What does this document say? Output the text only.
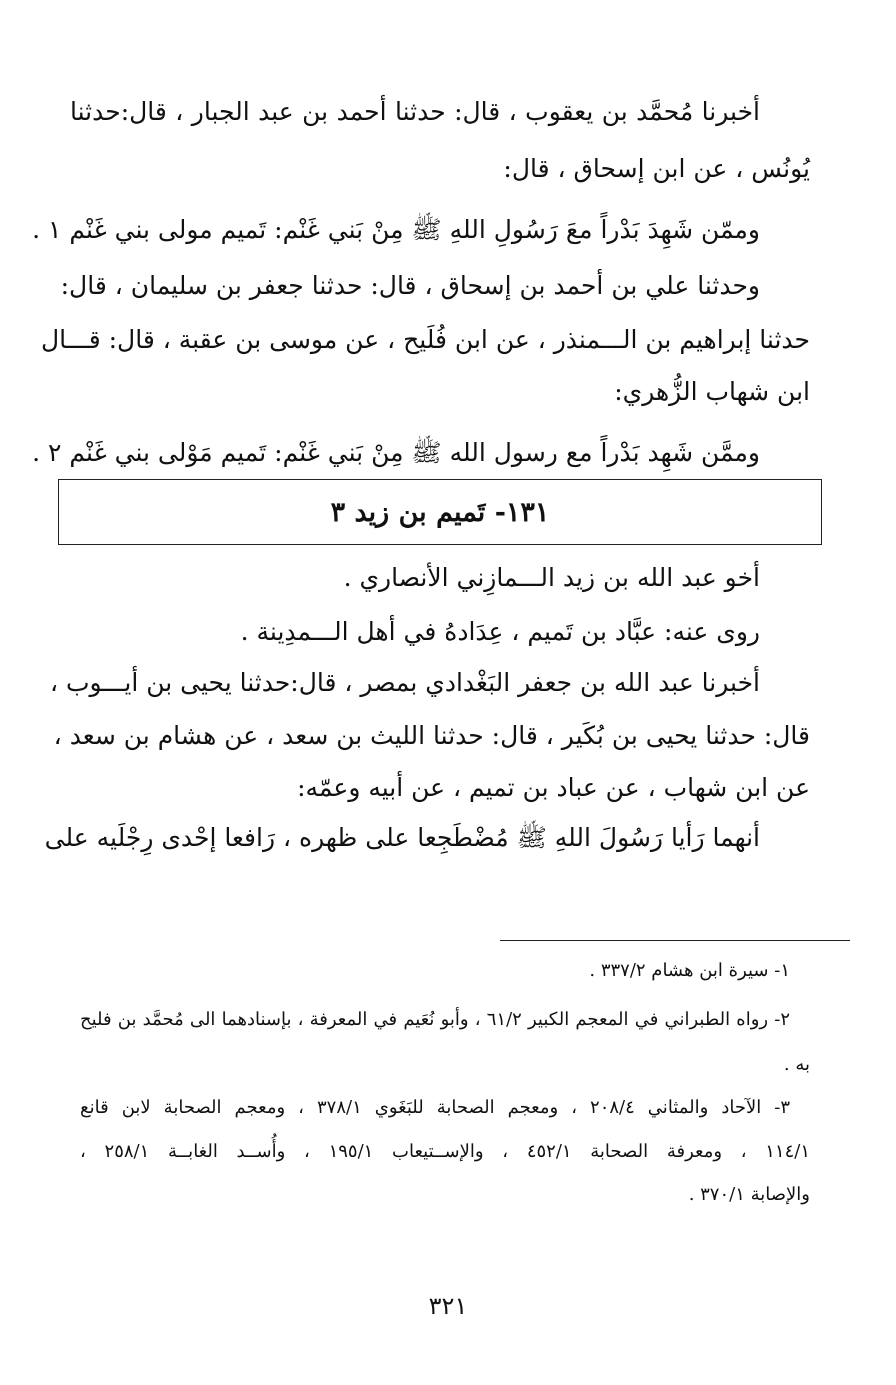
أخبرنا مُحمَّد بن يعقوب ، قال: حدثنا أحمد بن عبد الجبار ، قال:حدثنا
يُونُس ، عن ابن إسحاق ، قال:
وممّن شَهِدَ بَدْراً معَ رَسُولِ اللهِ ﷺ مِنْ بَني غَنْم: تَميم مولى بني غَنْم ١ .
وحدثنا علي بن أحمد بن إسحاق ، قال: حدثنا جعفر بن سليمان ، قال:
حدثنا إبراهيم بن الـــمنذر ، عن ابن فُلَيح ، عن موسى بن عقبة ، قال: قـــال
ابن شهاب الزُّهري:
وممَّن شَهِد بَدْراً مع رسول الله ﷺ مِنْ بَني غَنْم: تَميم مَوْلى بني غَنْم ٢ .
١٣١- تَميم بن زيد ٣
أخو عبد الله بن زيد الـــمازِني الأنصاري .
روى عنه: عبَّاد بن تَميم ، عِدَادهُ في أهل الـــمدِينة .
أخبرنا عبد الله بن جعفر البَغْدادي بمصر ، قال:حدثنا يحيى بن أيـــوب ،
قال: حدثنا يحيى بن بُكَير ، قال: حدثنا الليث بن سعد ، عن هشام بن سعد ،
عن ابن شهاب ، عن عباد بن تميم ، عن أبيه وعمّه:
أنهما رَأيا رَسُولَ اللهِ ﷺ مُضْطَجِعا على ظهره ، رَافعا إحْدى رِجْلَيه على
١- سيرة ابن هشام ٣٣٧/٢ .
٢- رواه الطبراني في المعجم الكبير ٦١/٢ ، وأبو نُعَيم في المعرفة ، بإسنادهما الى مُحمَّد بن فليح
به .
٣- الآحاد والمثاني ٢٠٨/٤ ، ومعجم الصحابة للبَغَوي ٣٧٨/١ ، ومعجم الصحابة لابن قانع
١١٤/١ ، ومعرفة الصحابة ٤٥٢/١ ، والإســتيعاب ١٩٥/١ ، وأُســد الغابــة ٢٥٨/١ ،
والإصابة ٣٧٠/١ .
٣٢١
